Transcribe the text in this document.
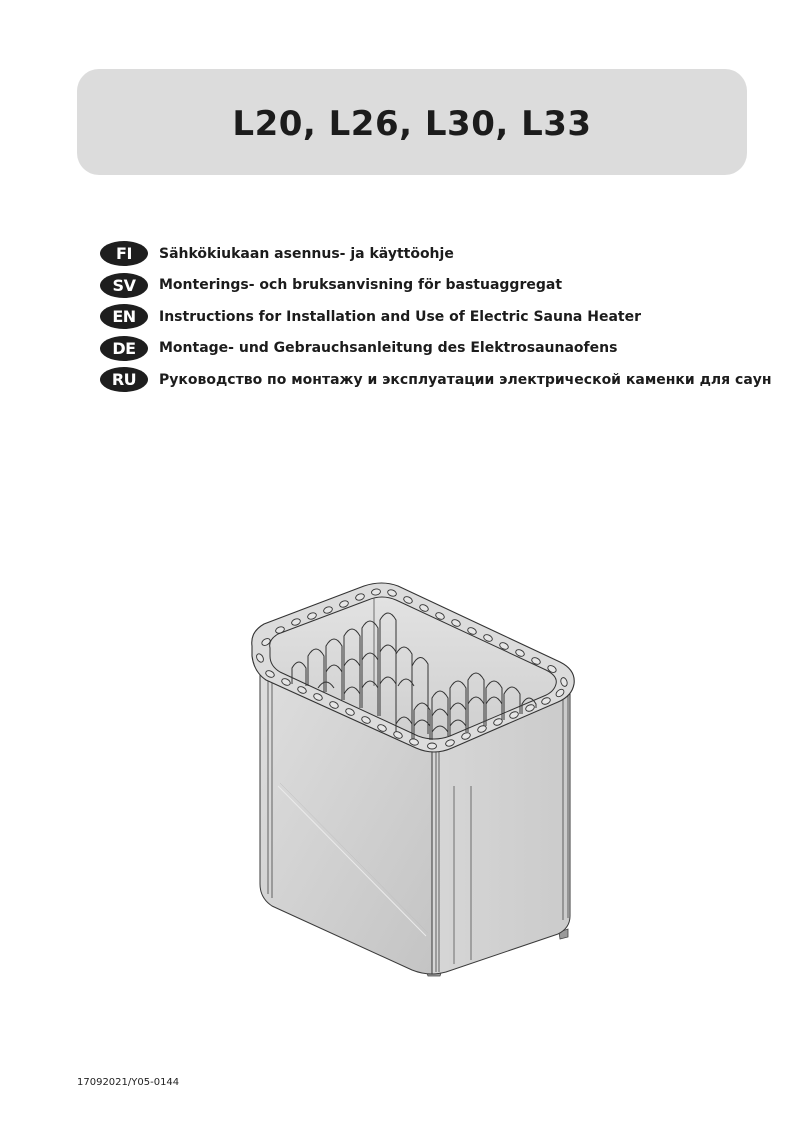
L20, L26, L30, L33
FI	Sähkökiukaan asennus- ja käyttöohje
SV	Monterings- och bruksanvisning för bastuaggregat
EN	Instructions for Installation and Use of Electric Sauna Heater
DE	Montage- und Gebrauchsanleitung des Elektrosaunaofens
RU	Руководство по монтажу и эксплуатации электрической каменки для саун
17092021/Y05-0144
